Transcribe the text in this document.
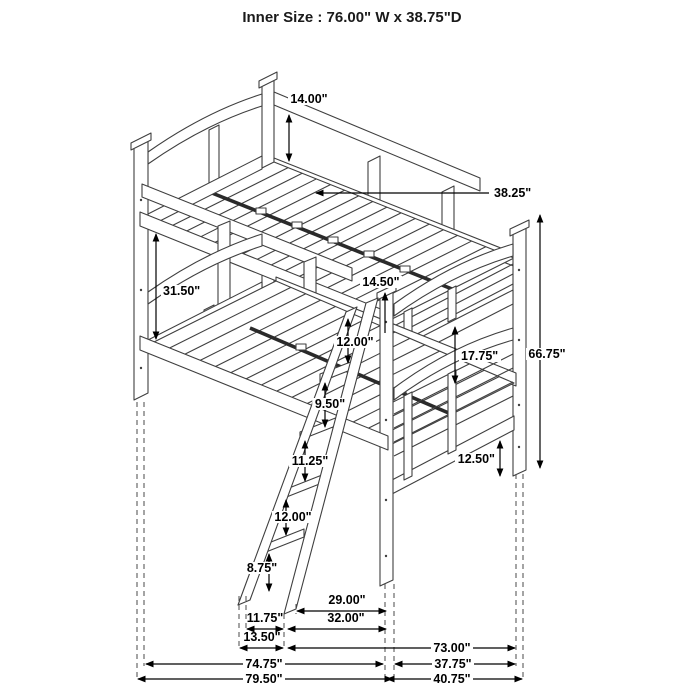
Inner Size : 76.00" W x 38.75"D
14.00"
38.25"
31.50"
14.50"
66.75"
17.75"
12.50"
12.00"
9.50"
11.25"
12.00"
8.75"
29.00"
11.75"	32.00"
13.50"
73.00"
74.75"	37.75"
79.50"	40.75"
